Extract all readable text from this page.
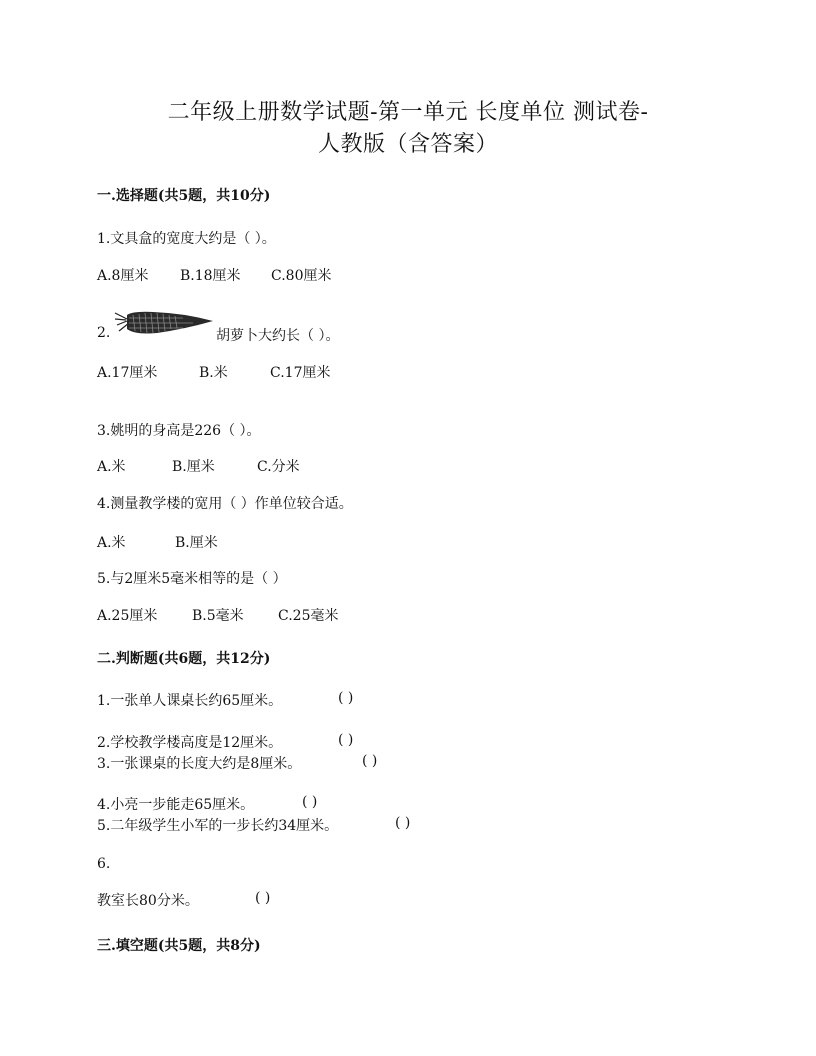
二年级上册数学试题-第一单元 长度单位 测试卷-
人教版（含答案）
一.选择题(共5题，共10分)
1.文具盒的宽度大约是（ ）。
A.8厘米 B.18厘米 C.80厘米
2.	胡萝卜大约长（ ）。
A.17厘米	B.米	C.17厘米
3.姚明的身高是226（ ）。
A.米	B.厘米	C.分米
4.测量教学楼的宽用（ ）作单位较合适。
A.米	B.厘米
5.与2厘米5毫米相等的是（ ）
A.25厘米 B.5毫米 C.25毫米
二.判断题(共6题，共12分)
1.一张单人课桌长约65厘米。	( )
2.学校教学楼高度是12厘米。	( )
3.一张课桌的长度大约是8厘米。	( )
4.小亮一步能走65厘米。	( )
5.二年级学生小军的一步长约34厘米。	( )
6.
教室长80分米。	( )
三.填空题(共5题，共8分)
